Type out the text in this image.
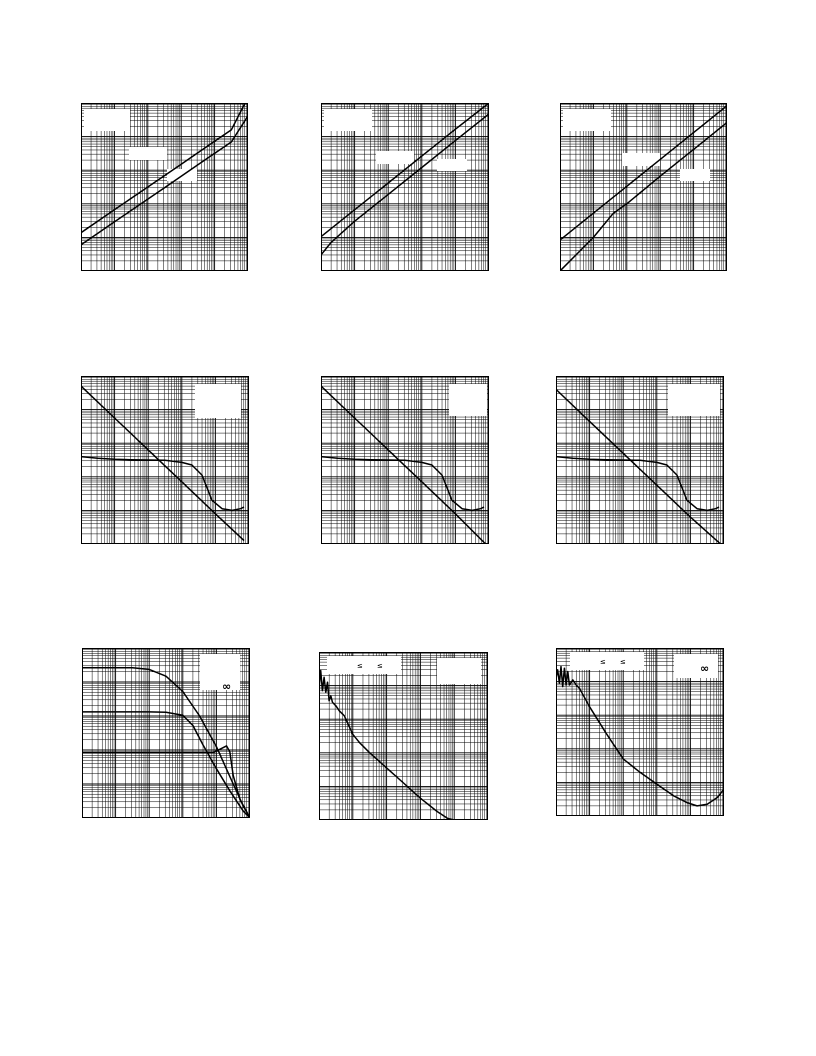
∞
≤ ≤	≤ ≤	∞
